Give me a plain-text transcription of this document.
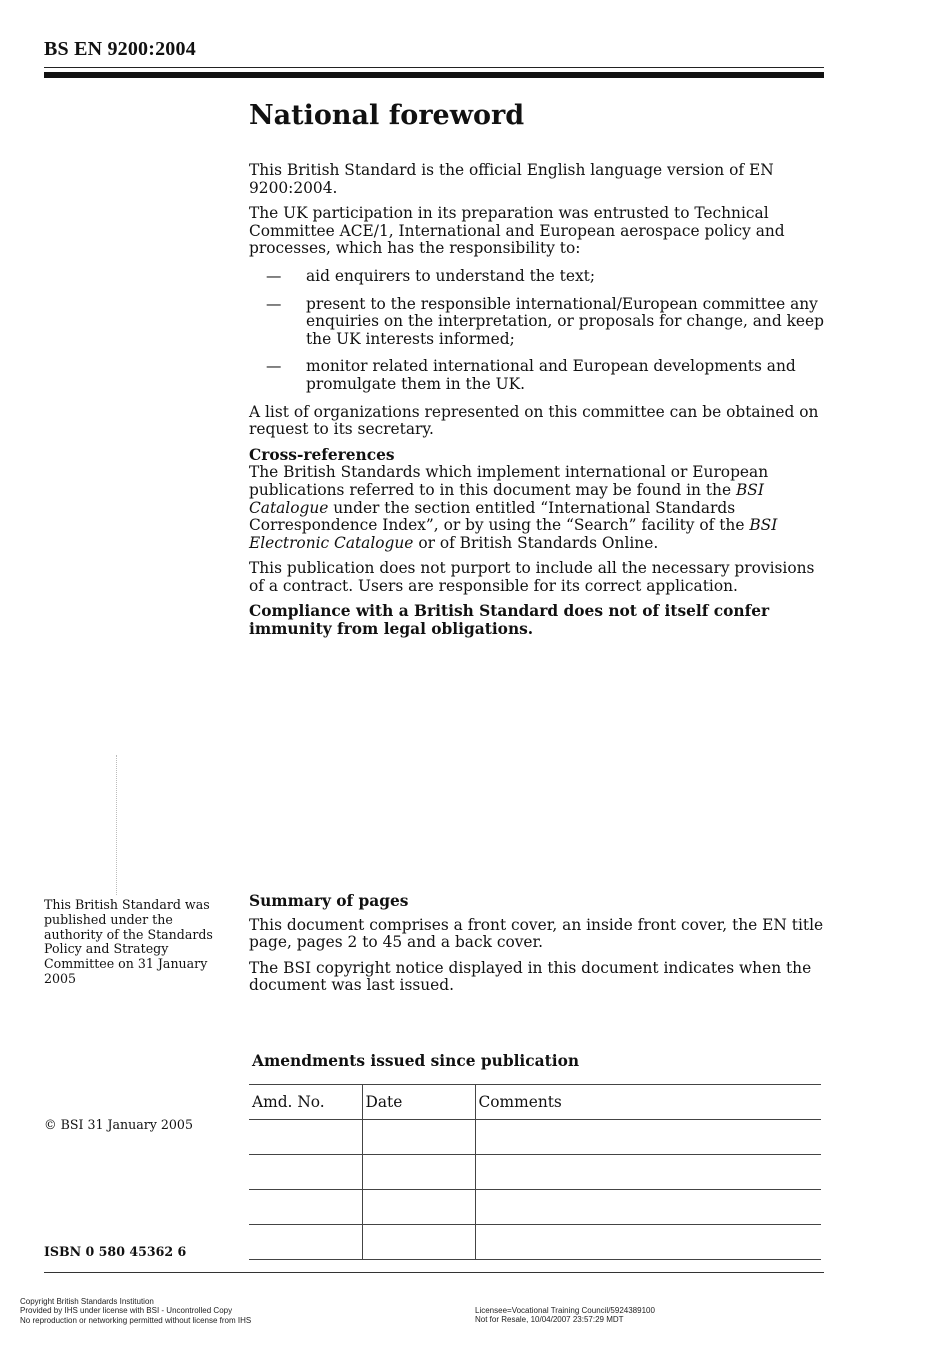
BS EN 9200:2004
National foreword

This British Standard is the official English language version of EN 9200:2004.

The UK participation in its preparation was entrusted to Technical Committee ACE/1, International and European aerospace policy and processes, which has the responsibility to:

— aid enquirers to understand the text;
— present to the responsible international/European committee any enquiries on the interpretation, or proposals for change, and keep the UK interests informed;
— monitor related international and European developments and promulgate them in the UK.

A list of organizations represented on this committee can be obtained on request to its secretary.

Cross-references

The British Standards which implement international or European publications referred to in this document may be found in the BSI Catalogue under the section entitled “International Standards Correspondence Index”, or by using the “Search” facility of the BSI Electronic Catalogue or of British Standards Online.

This publication does not purport to include all the necessary provisions of a contract. Users are responsible for its correct application.

Compliance with a British Standard does not of itself confer immunity from legal obligations.

This British Standard was published under the authority of the Standards Policy and Strategy Committee on 31 January 2005
© BSI 31 January 2005
ISBN 0 580 45362 6

Summary of pages

This document comprises a front cover, an inside front cover, the EN title page, pages 2 to 45 and a back cover.

The BSI copyright notice displayed in this document indicates when the document was last issued.

Amendments issued since publication
Amd. No.	Date	Comments

Copyright British Standards Institution
Provided by IHS under license with BSI - Uncontrolled Copy
No reproduction or networking permitted without license from IHS
Licensee=Vocational Training Council/5924389100
Not for Resale, 10/04/2007 23:57:29 MDT
